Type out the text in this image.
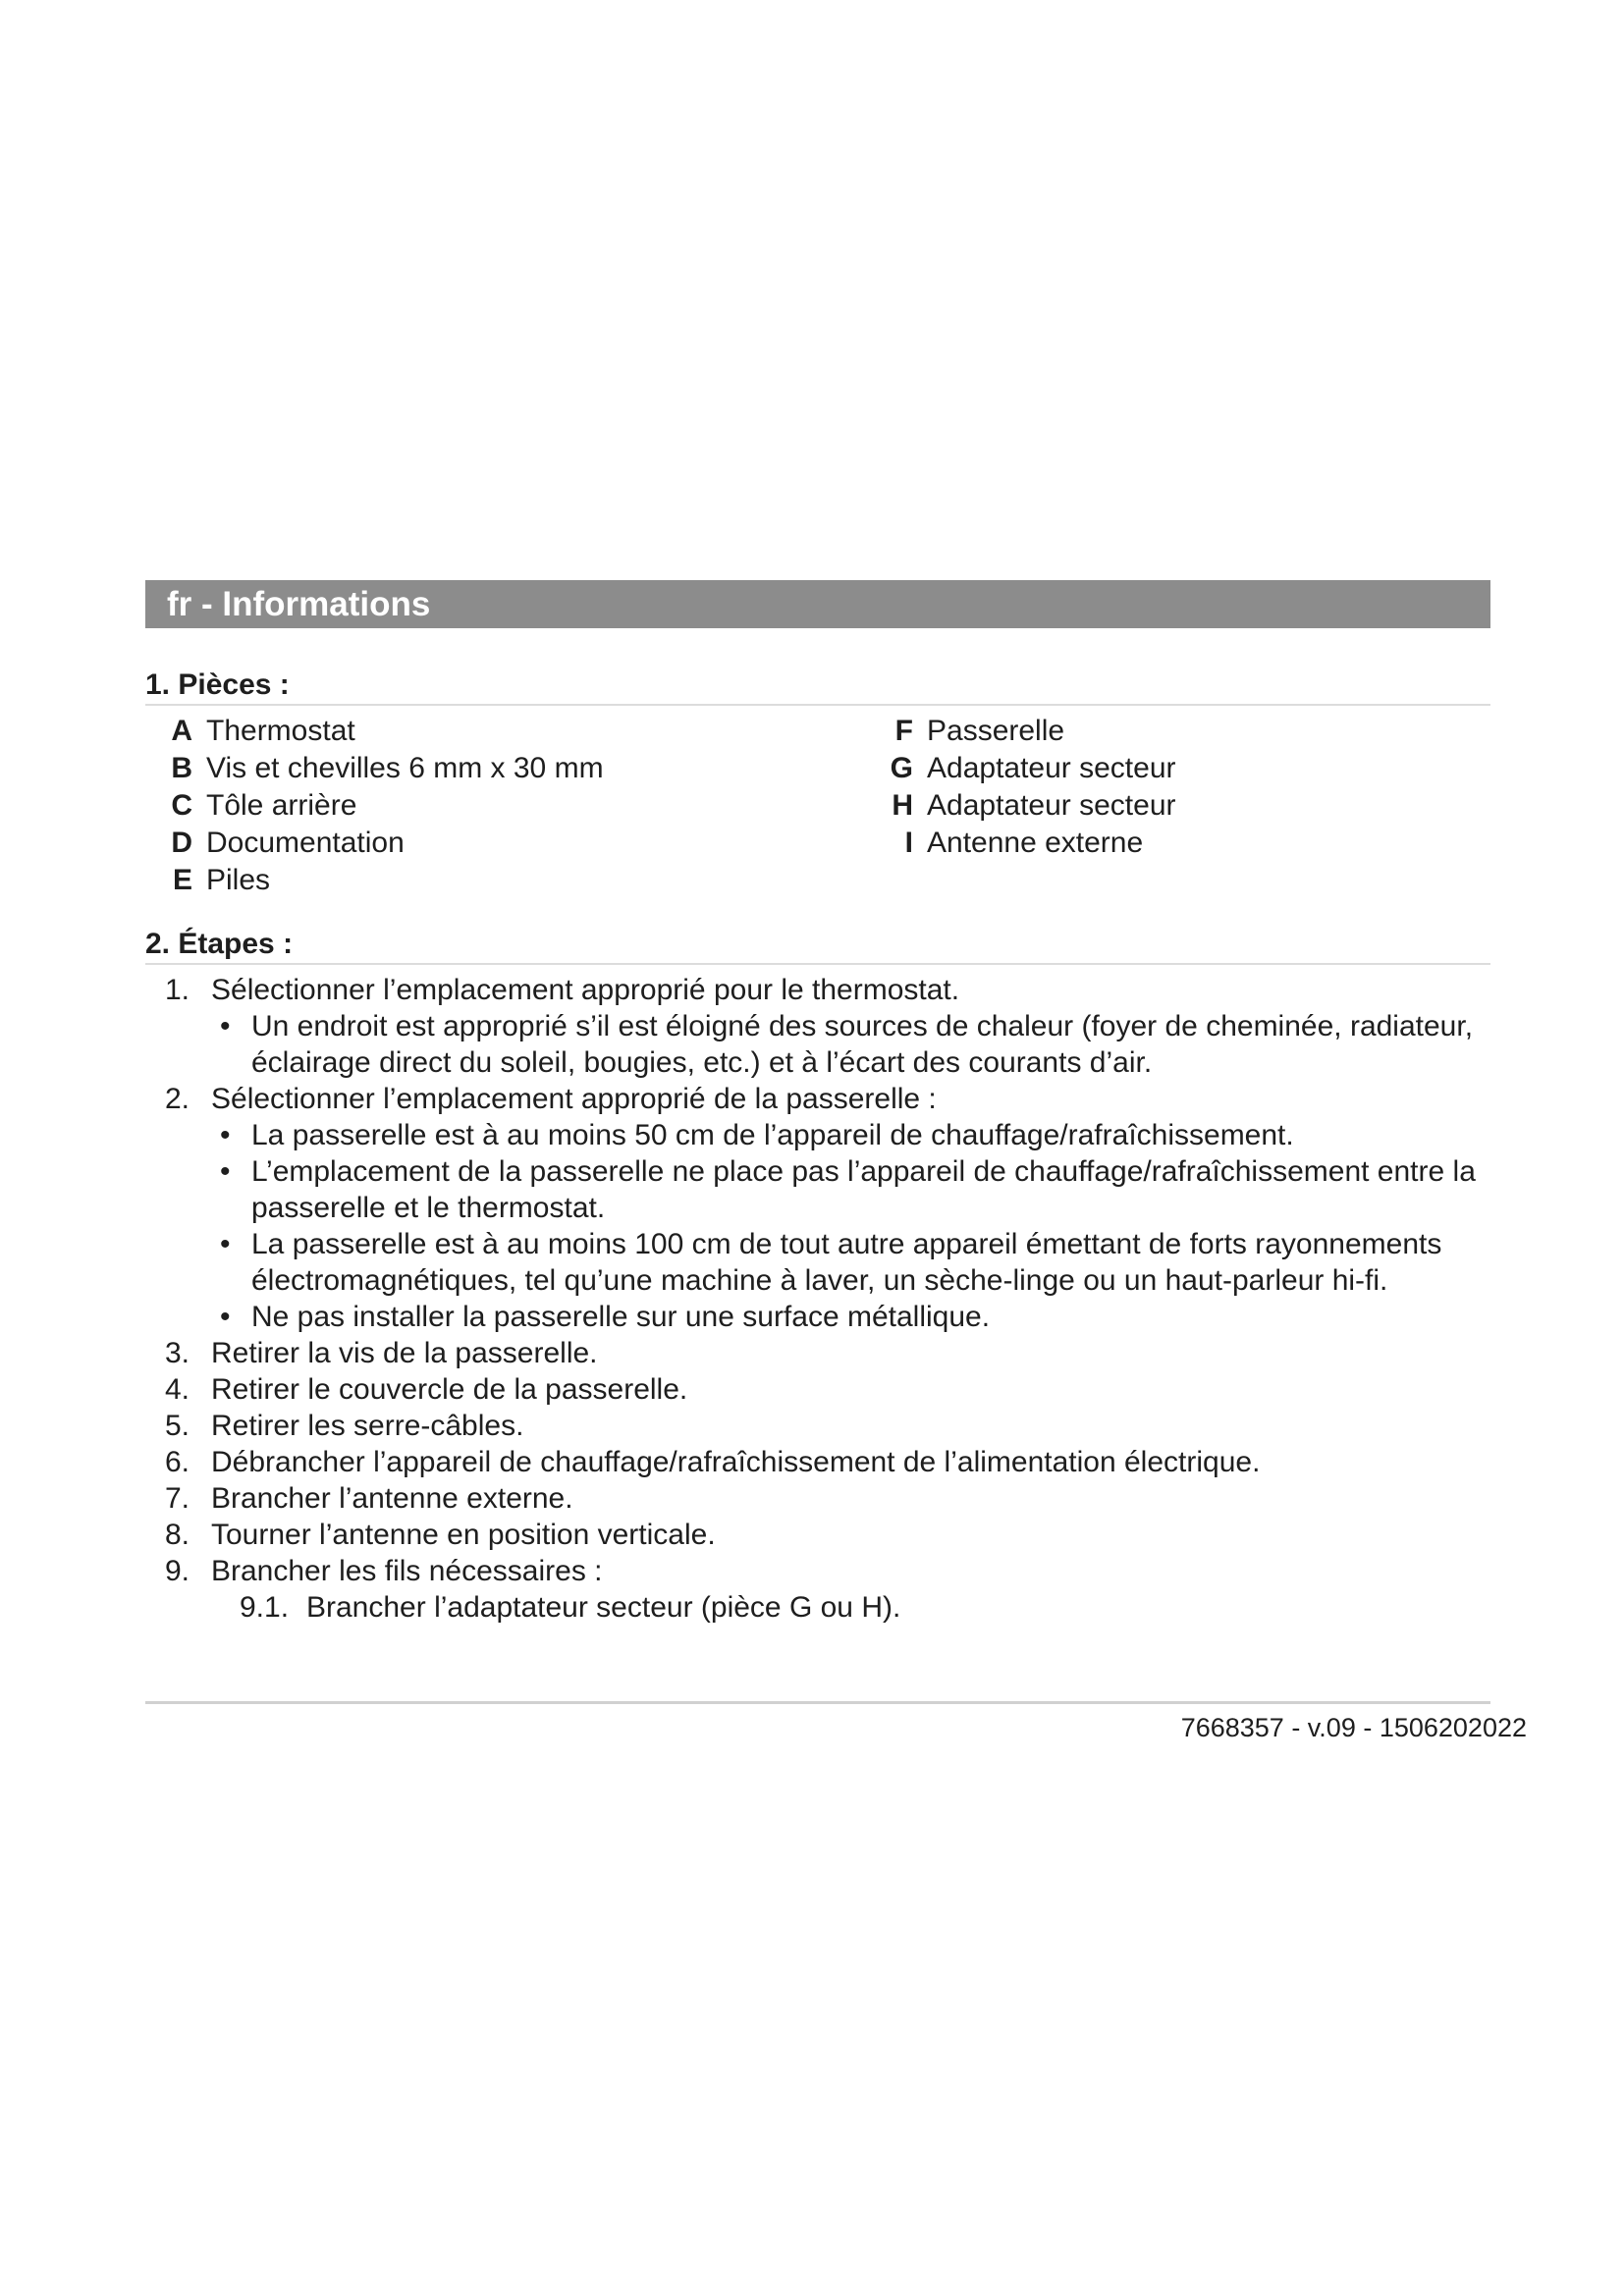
fr - Informations
1. Pièces :
A Thermostat
B Vis et chevilles 6 mm x 30 mm
C Tôle arrière
D Documentation
E Piles
F Passerelle
G Adaptateur secteur
H Adaptateur secteur
I Antenne externe
2. Étapes :
1. Sélectionner l’emplacement approprié pour le thermostat.
• Un endroit est approprié s’il est éloigné des sources de chaleur (foyer de cheminée, radiateur, éclairage direct du soleil, bougies, etc.) et à l’écart des courants d’air.
2. Sélectionner l’emplacement approprié de la passerelle :
• La passerelle est à au moins 50 cm de l’appareil de chauffage/rafraîchissement.
• L’emplacement de la passerelle ne place pas l’appareil de chauffage/rafraîchissement entre la passerelle et le thermostat.
• La passerelle est à au moins 100 cm de tout autre appareil émettant de forts rayonnements électromagnétiques, tel qu’une machine à laver, un sèche-linge ou un haut-parleur hi-fi.
• Ne pas installer la passerelle sur une surface métallique.
3. Retirer la vis de la passerelle.
4. Retirer le couvercle de la passerelle.
5. Retirer les serre-câbles.
6. Débrancher l’appareil de chauffage/rafraîchissement de l’alimentation électrique.
7. Brancher l’antenne externe.
8. Tourner l’antenne en position verticale.
9. Brancher les fils nécessaires :
9.1. Brancher l’adaptateur secteur (pièce G ou H).
7668357 - v.09 - 1506202022
